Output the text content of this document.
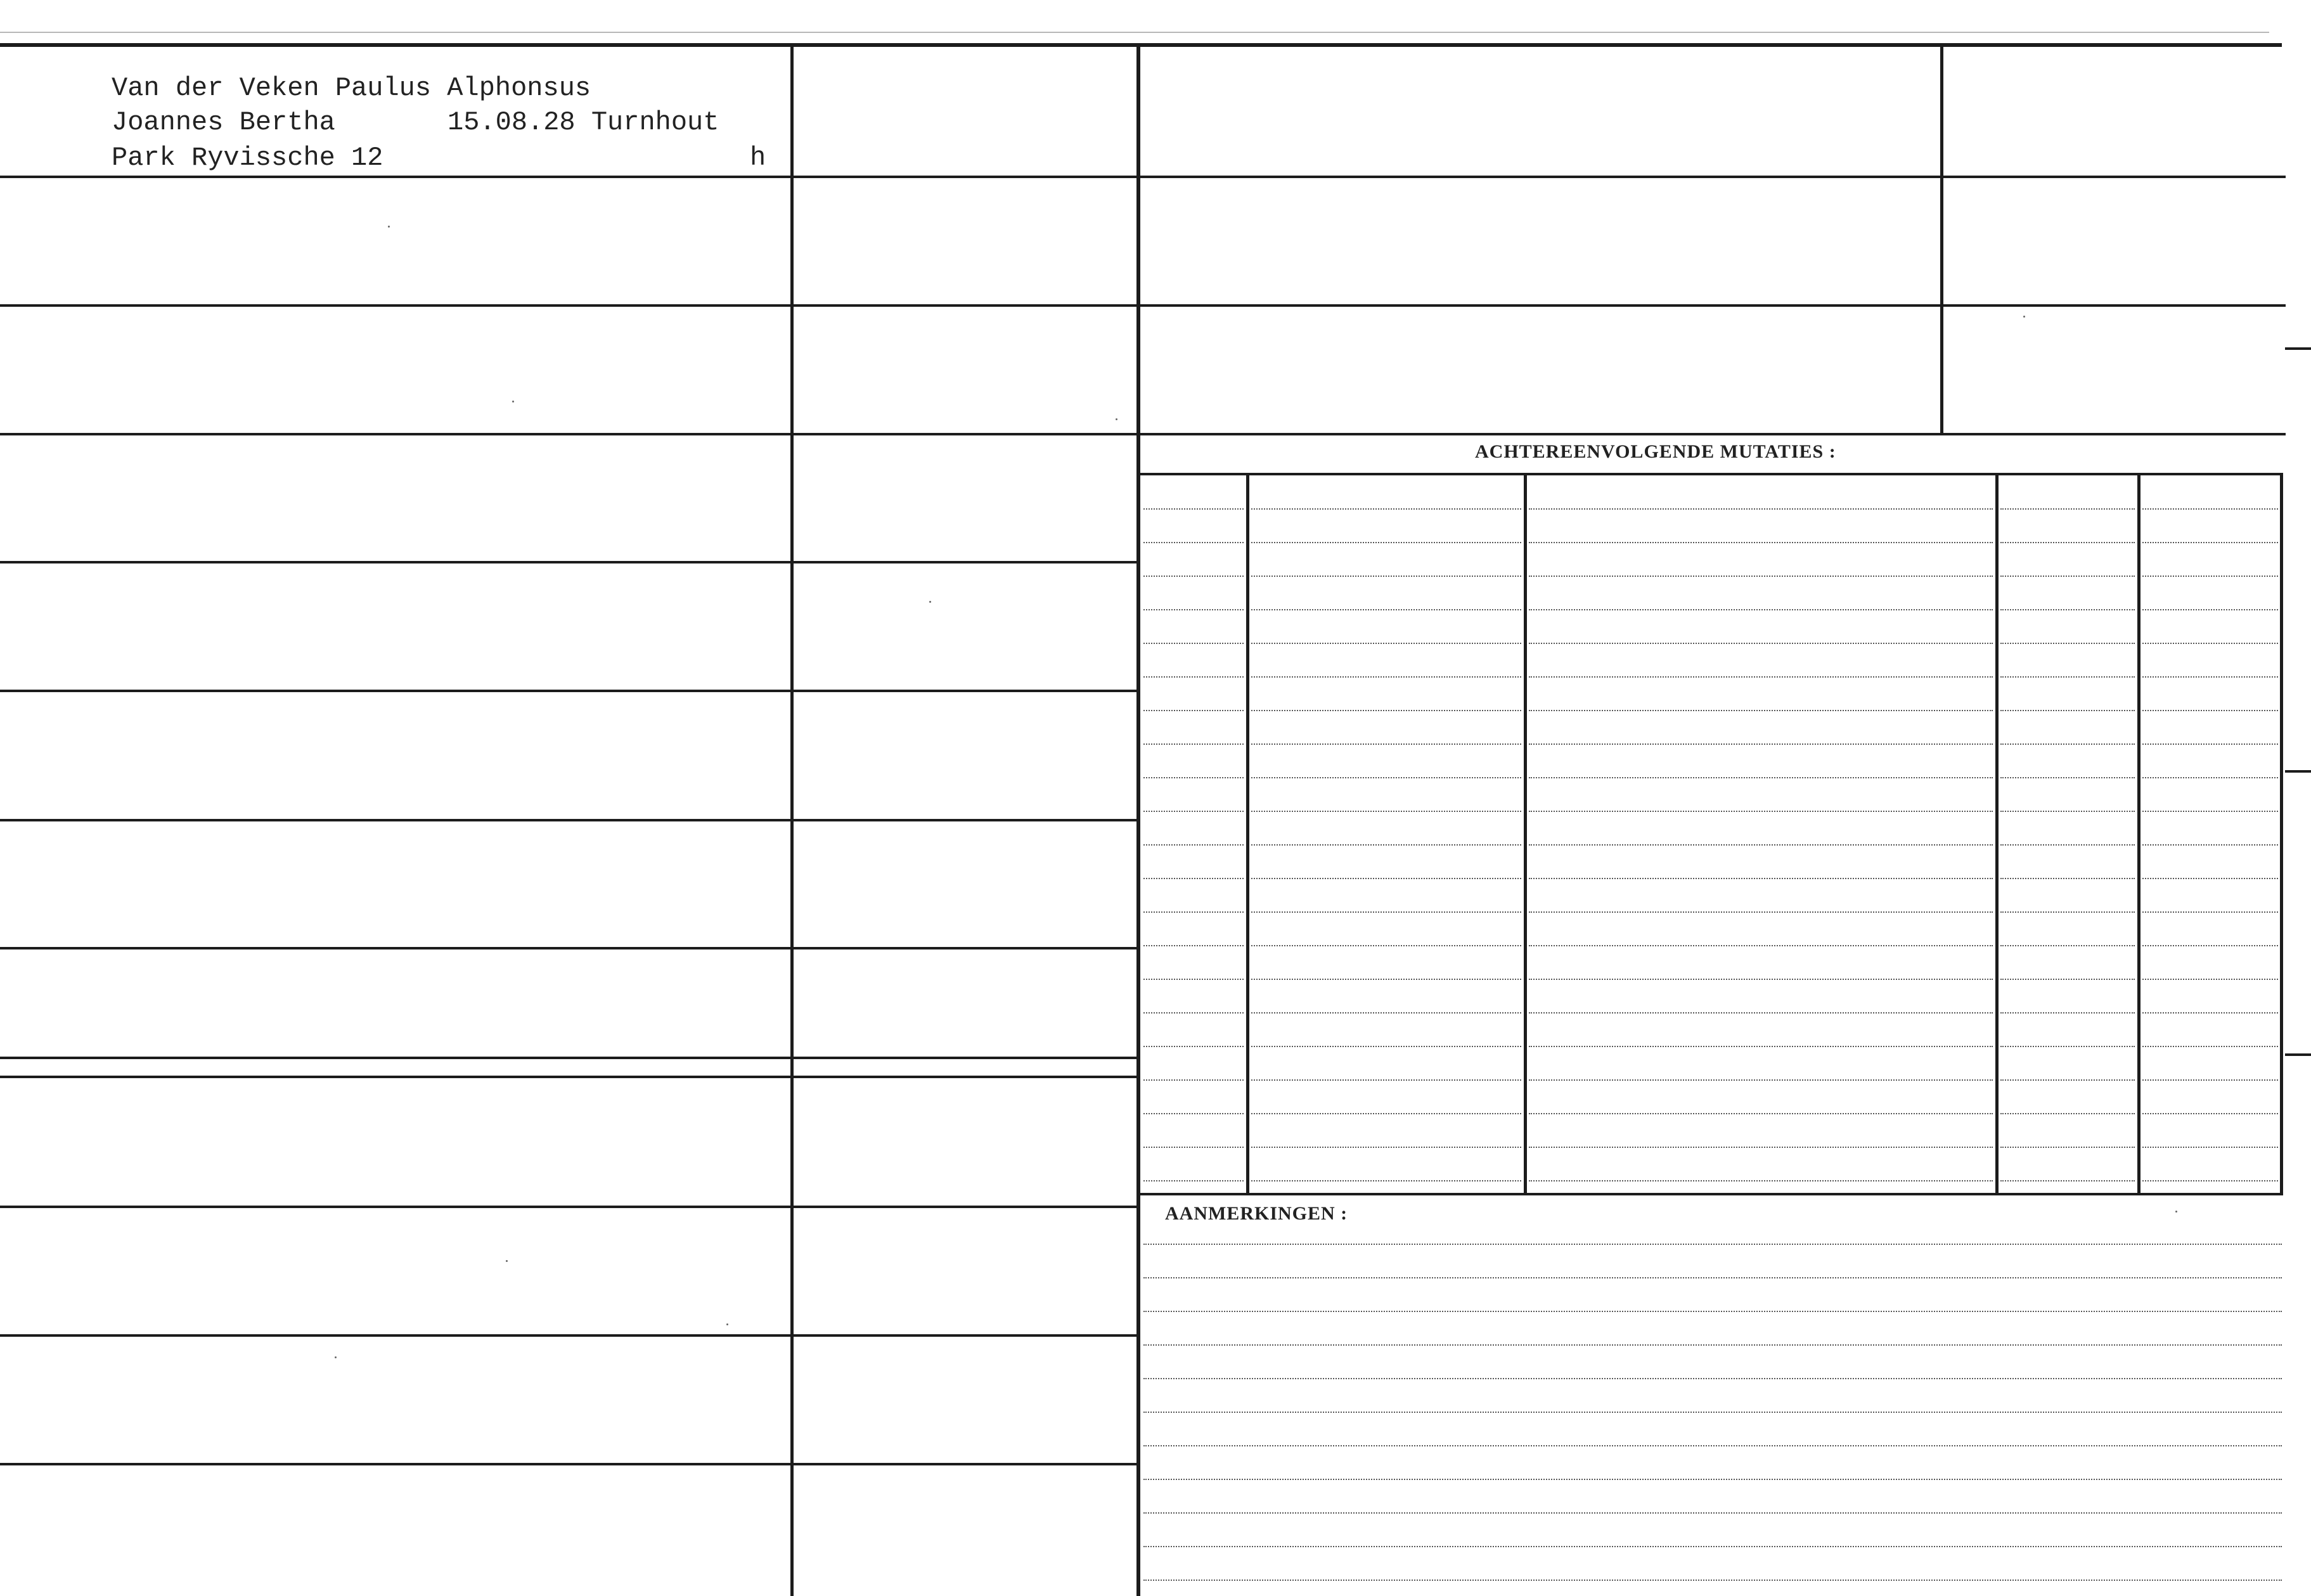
ACHTEREENVOLGENDE MUTATIES :
AANMERKINGEN :
Van der Veken Paulus Alphonsus
Joannes Bertha	15.08.28 Turnhout
Park Ryvissche 12	h
